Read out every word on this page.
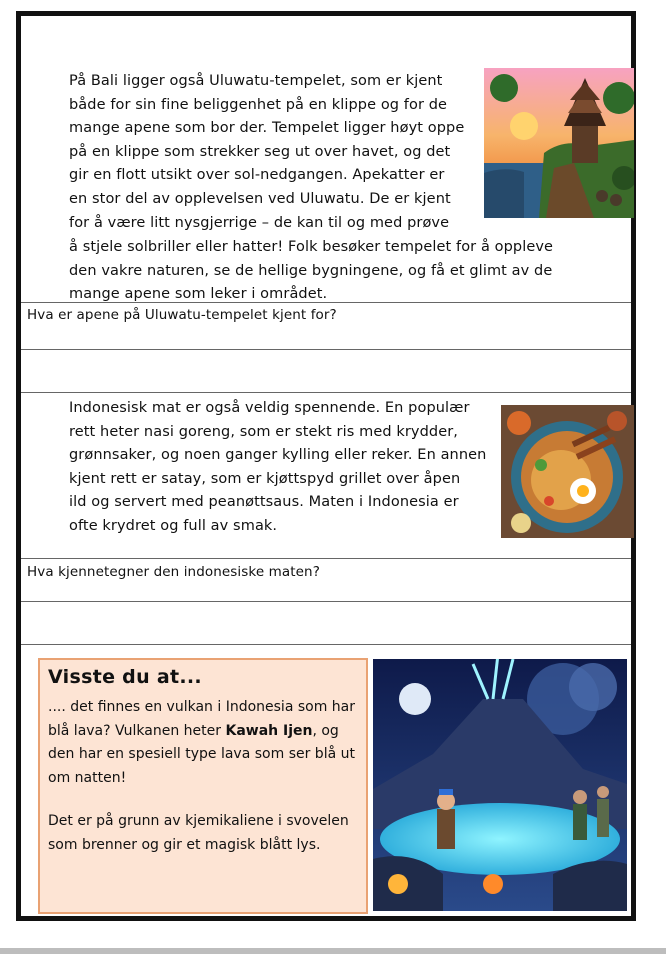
På Bali ligger også Uluwatu-tempelet, som er kjent
både for sin fine beliggenhet på en klippe og for de
mange apene som bor der. Tempelet ligger høyt oppe
på en klippe som strekker seg ut over havet, og det
gir en flott utsikt over sol-nedgangen. Apekatter er
en stor del av opplevelsen ved Uluwatu. De er kjent
for å være litt nysgjerrige – de kan til og med prøve
å stjele solbriller eller hatter! Folk besøker tempelet for å oppleve
den vakre naturen, se de hellige bygningene, og få et glimt av de
mange apene som leker i området.
Hva er apene på Uluwatu-tempelet kjent for?
Indonesisk mat er også veldig spennende. En populær
rett heter nasi goreng, som er stekt ris med krydder,
grønnsaker, og noen ganger kylling eller reker. En annen
kjent rett er satay, som er kjøttspyd grillet over åpen
ild og servert med peanøttsaus. Maten i Indonesia er
ofte krydret og full av smak.
Hva kjennetegner den indonesiske maten?
Visste du at...

.... det finnes en vulkan i Indonesia som har blå lava? Vulkanen heter Kawah Ijen, og den har en spesiell type lava som ser blå ut om natten!

Det er på grunn av kjemikaliene i svovelen som brenner og gir et magisk blått lys.
